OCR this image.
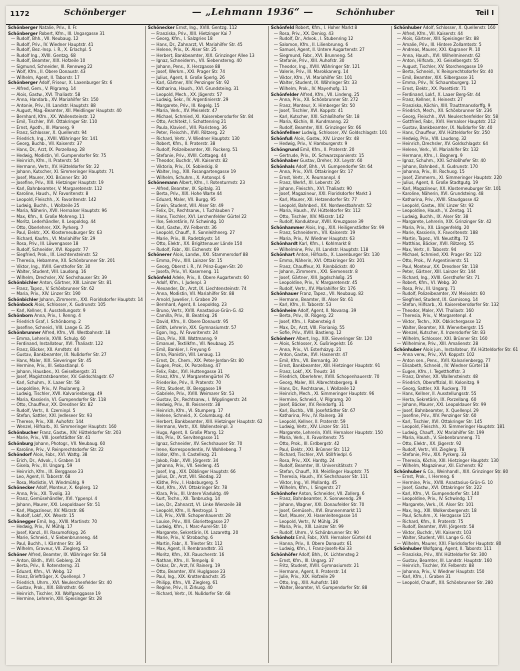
1172	Schönberger	— „Lehmann 1936“ —	Schönhuber	Teil I
Schönberger Natalie, Priv., II. Fr.
Schönberger Robert, Kfm., III. Ungargasse 31
— Rudolf, Bhh., VII. Neubaug. 12
— Rudolf, Priv., IV. Wiedner Hauptstr. 41
— Rudolf, Bez.-Insp. i. R., X. Erlachpl. 5
— Rudolf Ing., XVIII. Gentzg. 68
— Rudolf, Beamter, XIX. Hofzeile 10
— Sigmund, Schneider, III. Rennweg 22
— Wolf, Kfm., II. Obere Donaustr. 43
— Wilhelm, Agent, II. Taborstr. 17
Schönberger Adolf, Friseur, X. Laxenburger Str. 6
— Alfred, Gem., V. Pilgramg. 14
— Alois, Gastw., XVI. Thaliastr. 58
— Anna, Handarb., XV. Mariahilfer Str. 150
— Antonie, Priv., III. Landstr. Hauptstr. 88
— August, Mag.-Beamter, XII. Meidlinger Hauptstr. 40
— Bernhard, Kfm., XX. Wallensteinstr. 12
— Emil, Tischler, XVI. Ottakringer Str. 110
— Ernst, Apoth., III. Marxerg. 9
— Franz, Schlosser, X. Quellenstr. 94
— Friedrich, Ing., XVIII. Währinger Str. 141
— Georg, Buchb., VII. Kaiserstr. 37
— Hans, Dr., Arzt, IX. Porzellang. 28
— Hedwig, Modistin, VI. Gumpendorfer Str. 75
— Heinrich, Kfm., II. Praterstr. 54
— Hermann, Vertr., XV. Hütteldorfer Str. 22
— Johann, Kutscher, XI. Simmeringer Hauptstr. 71
— Josef, Maurer, XXI. Brünner Str. 30
— Josefine, Priv., XIII. Hietzinger Hauptstr. 19
— Karl, Bahnbeamter, V. Margaretenstr. 112
— Karoline, Haush., IV. Favoritenstr. 8
— Leopold, Fleischh., X. Favoritenstr. 142
— Ludwig, Buchh., I. Wollzeile 25
— Maria, Näherin, XVII. Hernalser Hauptstr. 96
— Max, Kfm., II. Große Mohreng. 11
— Moritz, Lederhändler, II. Leopoldsg. 44
— Otto, Oberlehrer, XIX. Pyrkerg. 7
— Paul, Elektr., XX. Klosterneuburger Str. 63
— Richard, Kaufm., VI. Mariahilfer Str. 29
— Rosa, Priv., III. Löwengasse 18
— Rudolf, Schneider, XVI. Koppstr. 77
— Siegfried, Prok., IX. Liechtensteinstr. 52
— Theresia, Hebamme, XII. Schönbrunner Str. 201
— Viktor, Ing., XVIII. Gersthofer Str. 30
— Walter, Student, VIII. Laudong. 16
— Wilhelm, Drechsler, XV. Sechshauser Str. 39
Schönbichler Anton, Gärtner, XIII. Lainzer Str. 81
— Franz, Tapez., V. Schönbrunner Str. 62
— Maria, Priv., XIV. Linzer Str. 190
Schönbichler Johann, Zimmerm., XXI. Floridsdorfer Hauptstr. 14
Schönbock Alois, Schlosser, X. Gudrunstr. 105
— Karl, Kellner, II. Ausstellungsstr. 9
Schönborn Anna, Priv., I. Renng. 4
— Friedrich Graf, I. Schönborng. 2
— Josefine, Schneid., VIII. Lange G. 35
Schönbrunner Alfred, Kfm., VII. Westbahnstr. 18
— Emma, Lehrerin, XVIII. Schulg. 60
— Ferdinand, Installateur, XVI. Thaliastr. 122
— Franz, Bäcker, XII. Arndtstr. 44
— Gustav, Bankbeamter, IX. Nußdorfer Str. 27
— Hans, Maler, XIX. Sieveringer Str. 45
— Hermine, Priv., III. Sebastianpl. 6
— Johann, Hausbes., XI. Geiselbergstr. 31
— Josef, Magistratsbeamter, XV. Goldschlagstr. 67
— Karl, Schuhm., X. Laaer Str. 58
— Leopoldine, Priv., IV. Paulanerg. 3
— Ludwig, Tischler, XVII. Kalvarienbergg. 49
— Maria, Kassierin, VI. Gumpendorfer Str. 118
— Otto, Chauffeur, XX. Dresdner Str. 82
— Rudolf, Vertr., II. Czerninpl. 5
— Stefan, Sattler, XXI. Jedleseer Str. 93
— Therese, Priv., XIII. Auhofstr. 144
— Wenzel, Hilfsarb., XI. Simmeringer Hauptstr. 160
Schönbucher Franz, Gastw., XIV. Hütteldorfer Str. 203
— Marie, Priv., VIII. Josefstädter Str. 41
Schönburg Johann, Photogr., VII. Neubaug. 60
— Karoline, Priv., V. Reinprechtsdorfer Str. 22
Schöndorf Alois, Fabr., XVI. Wattg. 38
— Erich, Dr., Advok., I. Graben 14
— Gisela, Priv., III. Ungarg. 59
— Heinrich, Kfm., IX. Berggasse 23
— Leo, Agent, II. Taborstr. 68
— Rosa, Modistin, VI. Windmühlg. 9
Schönecker Adolf, Monteur, X. Keplerg. 12
— Anna, Priv., XII. Tivolig. 33
— Franz, Gemüsehändler, XVI. Yppenpl. 4
— Johann, Maurer, XXI. Leopoldauer Str. 51
— Karl, Magazineur, XV. Märzstr. 86
— Rudolf, Lokf., XX. Wexstr. 15
Schönegger Emil, Ing., XVIII. Martinstr. 70
— Hedwig, Priv., IV. Mühlg. 17
— Josef, Kanzl., III. Rasumofskyg. 26
— Marie, Schneid., V. Siebenbrunneng. 44
— Paul, Buchh., I. Kärntner Str. 36
— Wilhelm, Graveur, VII. Zieglerg. 53
Schöner Alfred, Beamter, IX. Währinger Str. 58
— Anton, Bildh., XVII. Geblerg. 24
— Berta, Priv., II. Rotensterng. 31
— Eduard, Kfm., VI. Webg. 12
— Franz, Briefträger, X. Quellenpl. 7
— Friedrich, Uhrm., XVI. Neulerchenfelder Str. 40
— Gustav, Prok., XIX. Billrothstr. 66
— Heinrich, Tischler, XII. Wolfganggasse 19
— Hermine, Lehrerin, XIII. Speisinger Str. 28
Schönecker Ernst, Ing., XVIII. Gentzg. 112
— Franziska, Priv., XIII. Hietzinger Kai 7
— Georg, Kfm., I. Salzgries 18
— Hans, Dr., Zahnarzt, VI. Mariahilfer Str. 45
— Helene, Priv., IX. Alser Str. 25
— Herbert, Bankbeamter, XIX. Grinzinger Allee 13
— Ignaz, Schneiderm., VII. Siebensterng. 40
— Johann, Pens., X. Herzgasse 88
— Josef, Werkm., XXI. Prager Str. 74
— Julius, Agent, II. Große Sperlg. 26
— Karl, Gärtner, XIV. Penzinger Str. 92
— Katharina, Haush., XVI. Grundsteing. 31
— Leopold, Mech., XX. Jägerstr. 57
— Ludwig, Sekr., IV. Argentinierstr. 29
— Margarete, Priv., III. Kegelg. 15
— Maria, Verk., XV. Meiselstr. 47
— Michael, Schmied, XI. Kaiserebersdorfer Str. 84
— Otto, Architekt, I. Schottenring 21
— Paula, Klavierl., VIII. Piaristeng. 36
— Peter, Fleischh., XVII. Rötzerg. 22
— Richard, Vertr., V. Wiedner Hauptstr. 130
— Robert, Kfm., II. Praterstr. 38
— Rudolf, Polizeibeamter, XII. Ruckerg. 51
— Stefanie, Priv., XVIII. Cottageg. 44
— Theodor, Buchdr., VII. Kaiserstr. 82
— Viktoria, Priv., IX. Sobieskig. 8
— Walter, Ing., XIII. Fasangartengasse 19
— Wilhelm, Schuhm., X. Antonspl. 6
Schönemann Albert, Kfm., I. Rotenturmstr. 23
— Alfred, Beamter, IX. Spitalg. 31
— Berta, Priv., XIX. Hohe Warte 44
— Eduard, Maler, VII. Burgg. 95
— Erwin, Student, VIII. Alser Str. 49
— Felix, Dr., Rechtsanw., I. Tuchlauben 7
— Hans, Tischler, XVI. Lerchenfelder Gürtel 22
— Ilse, Sekretärin, IV. Schwindg. 10
— Karl, Gastw., XV. Felberstr. 36
— Leopold, Chauff., X. Sonnleithnerg. 27
— Marie, Priv., III. Radetzkystr. 14
— Otto, Elektr., XX. Brigittenauer Lände 150
— Rudolf, Fabr., XII. Eichenstr. 69
Schönerer Alois, Landw., XXI. Stammersdorf 88
— Emma, Priv., XIII. Lainzer Str. 15
— Georg, Oberst i. R., IV. Prinz-Eugen-Str. 20
— Josefa, Priv., VI. Kaserneng. 11
Schönfeld Adele, Priv., II. Obere Augartenstr. 60
— Adolf, Kfm., I. Judenpl. 3
— Alexander, Dr., Arzt, IX. Liechtensteinstr. 74
— Anna, Modistin, VII. Mariahilfer Str. 88
— Arnold, Juwelier, I. Graben 29
— Bernhard, Agent, II. Leopoldsg. 23
— Bruno, Vertr., XVIII. Anastasius-Grün-G. 42
— Camilla, Priv., III. Beatrixg. 26
— David, Kfm., II. Obere Donaustr. 95
— Edith, Lehrerin, XIX. Gymnasiumstr. 57
— Egon, Ing., IV. Favoritenstr. 24
— Elsa, Priv., XIII. Wattmanng. 9
— Emanuel, Textilkfm., VII. Neubaug. 25
— Emil, Bankier, I. Freyung 6
— Erna, Pianistin, VIII. Lenaug. 13
— Ernst, Dr., Chem., XIX. Peter-Jordan-Str. 80
— Eugen, Prok., IX. Porzellang. 47
— Felix, Fabr., XVI. Huttengasse 31
— Franz, Kfm., V. Margaretengürtel 76
— Friederike, Priv., II. Praterstr. 70
— Fritz, Student, IX. Berggasse 19
— Gabriele, Priv., XVIII. Weimarer Str. 53
— Gustav, Dr., Rechtsanw., I. Wipplingerstr. 24
— Hedwig, Priv., III. Reisnerstr. 38
— Heinrich, Kfm., VI. Stumperg. 17
— Helene, Schneid., X. Columbusg. 44
— Herbert, Bankbeamter, XIII. Hietzinger Hauptstr. 62
— Hermann, Vertr., XX. Wallensteinpl. 3
— Hugo, Agent, II. Große Pfarrg. 12
— Ida, Priv., IX. Servitengasse 11
— Ignaz, Schneider, XV. Sechshauser Str. 70
— Irene, Korrespondentin, IV. Wohllebeng. 7
— Isidor, Kfm., II. Castellezg. 21
— Jakob, Fabr., XVII. Jörgerstr. 34
— Johanna, Priv., VII. Seideng. 45
— Josef, Ing., XIX. Döblinger Hauptstr. 66
— Julius, Dr., Arzt, VIII. Skodag. 22
— Käthe, Priv., I. Habsburgerg. 5
— Karl, Kfm., XVI. Ottakringer Str. 78
— Klara, Priv., III. Untere Viaduktg. 49
— Kurt, Techn., XII. Tanbruckg. 14
— Leo, Dr., Zahnarzt, VI. Linke Wienzeile 38
— Leopold, Kfm., II. Nestroypl. 1
— Lili, Priv., XVIII. Schopenhauerstr. 28
— Louise, Priv., XIII. Gloriettegasse 27
— Ludwig, Kfm., I. Marc-Aurel-Str. 10
— Margarete, Sekretärin, IX. Lazarettg. 20
— Marie, Priv., V. Strobachg. 6
— Martin, Fabr., X. Triester Str. 112
— Max, Agent, II. Rembrandtstr. 31
— Moritz, Kfm., XX. Rauscherstr. 16
— Nathan, Kfm., II. Tempelg. 8
— Oskar, Dr., Arzt, IV. Rainerg. 19
— Otto, Beamter, XIV. Huglgasse 23
— Paul, Ing., XIX. Krottenbachstr. 35
— Philipp, Kfm., VII. Zieglerg. 61
— Regine, Priv., II. Zirkusg. 40
— Richard, Vertr., IX. Nußdorfer Str. 68
Schönfeld Robert, Kfm., I. Hoher Markt 8
— Rosa, Priv., XX. Denisg. 43
— Rudolf, Dr., Advok., I. Stubenring 12
— Salomon, Kfm., II. Lilienbrunng. 6
— Samuel, Agent, II. Untere Augartenstr. 27
— Siegmund, Fabr., XVI. Brunneng. 54
— Stefanie, Priv., XIII. Auhofstr. 30
— Theodor, Ing., XVIII. Währinger Str. 121
— Valerie, Priv., III. Marokkanerg. 14
— Viktor, Kfm., VI. Mariahilfer Str. 101
— Walter, Student, IX. Währinger Str. 33
— Wilhelm, Prok., IV. Mayerhofg. 11
Schönfelder Alfred, Kfm., VII. Lindeng. 25
— Anna, Priv., XII. Schönbrunner Str. 272
— Franz, Monteur, X. Himberger Str. 50
— Josef, Tischler, XVI. Koppstr. 41
— Karl, Kutscher, XXI. Schloßhofer Str. 18
— Maria, Köchin, III. Kundmanng. 22
— Rudolf, Beamter, XIX. Grinzinger Str. 66
Schönfellner Ludwig, Schlosser, XV. Goldschlagstr. 101
Schönfuß Alois, Gastw., XIV. Linzer Str. 48
— Hedwig, Priv., V. Hamburgerstr. 9
Schöngrund Emil, Kfm., II. Praterstr. 20
— Gertrude, Priv., IX. Schwarzspanierstr. 15
Schönhaber Gustav, Dreher, XX. Leystr. 60
Schönhals Adolf, Bhh., VI. Gumpendorfer Str. 64
— Anna, Priv., XVII. Ottakringer Str. 17
— Ernst, Vertr., X. Reumannpl. 4
— Franz, Werkf., XI. Leberstr. 26
— Johann, Fleischh., XVI. Thaliastr. 90
— Josef, Magazineur, XXI. Floridsdorfer Markt 3
— Karl, Maurer, XII. Hetzendorfer Str. 77
— Leopold, Bahnbed., XX. Nordwestbahnstr. 52
— Maria, Haush., XV. Hütteldorfer Str. 112
— Otto, Tischler, XIV. Märzstr. 142
— Rudolf, Kondukteur, XVIII. Kreuzgasse 39
Schönhammer Alois, Ing., XIX. Heiligenstädter Str. 99
— Franz, Schneiderm., VII. Kaiserstr. 19
— Maria, Priv., IV. Wiedner Hauptstr. 63
Schönhardt Karl, Kfm., I. Kohlmarkt 8
— Wilhelmine, Priv., III. Landstr. Hauptstr. 118
Schönhart Anton, Hilfsarb., X. Laxenburger Str. 130
— Emma, Näherin, XVI. Ottakringer Str. 201
— Franz, Chauffeur, XI. Rinnböckstr. 40
— Johann, Zimmerm., XXI. Siemensstr. 8
— Josef, Gärtner, XIII. Jagdschloßg. 25
— Leopoldine, Priv., V. Margaretenstr. 45
— Rudolf, Vertr., XV. Mariahilfer Str. 176
Schönhauer Franz, Tapez., VII. Neubaug. 82
— Hermann, Beamter, IX. Alser Str. 61
— Karl, Kfm., II. Taborstr. 53
Schönheim Adolf, Agent, II. Novarag. 39
— Berta, Priv., IX. Rögerg. 22
— Josef, Kfm., I. Rabensteig 4
— Max, Dr., Arzt, VIII. Florianig. 55
— Sofie, Priv., XVIII. Bastieng. 12
Schönherr Albert, Ing., XIX. Sieveringer Str. 120
— Alois, Schlosser, X. Gußriegelstr. 16
— Anna, Priv., VI. Esterházyg. 21
— Anton, Gastw., XVI. Hasnerstr. 47
— Emil, Kfm., VII. Bernardg. 30
— Ernst, Bankbeamter, XIII. Hietzinger Hauptstr. 91
— Franz, Lokf., XX. Treustr. 34
— Friedrich, Oberlehrer, XVIII. Schopenhauerstr. 70
— Georg, Maler, XII. Albrechtsbergerg. 8
— Hans, Dr., Rechtsanw., I. Wollzeile 12
— Heinrich, Mech., XI. Simmeringer Hauptstr. 96
— Hermine, Schneid., V. Pilgramg. 20
— Josef, Bäcker, XV. Reindorfg. 31
— Karl, Buchb., VIII. Josefstädter Str. 67
— Katharina, Priv., IV. Rainerg. 38
— Leopold, Kellner, II. Praterstr. 59
— Ludwig, Vertr., XIV. Linzer Str. 311
— Margarete, Lehrerin, XVII. Hernalser Hauptstr. 150
— Maria, Verk., X. Favoritenstr. 75
— Otto, Prok., III. Erdbergstr. 42
— Paul, Elektr., XXI. Brünner Str. 112
— Richard, Tischler, XVI. Stillfriedpl. 6
— Rosa, Priv., XIX. Hardtg. 24
— Rudolf, Beamter, IX. Universitätsstr. 7
— Stefan, Chauff., XII. Meidlinger Hauptstr. 75
— Theresia, Haush., XV. Sechshauser Str. 111
— Viktor, Ing., VI. Mollardg. 45
— Wilhelm, Kfm., I. Singerstr. 27
Schönhofer Anton, Schneider, VII. Zollerg. 6
— Franz, Bahnbeamter, X. Sonnwendg. 29
— Johann, Wagner, XXI. Donaufelder Str. 70
— Josef, Gemüseh., XVI. Brunnenmarkt 11
— Karl, Maurer, XI. Hasenleitengasse 14
— Leopold, Vertr., IV. Mühlg. 26
— Maria, Priv., XIII. Lainzer Str. 99
— Rudolf, Uhrm., V. Schönbrunner Str. 90
Schönholz Emil, Fabr., XVII. Hernalser Gürtel 44
— Hanna, Priv., II. Obere Donaustr. 61
— Ludwig, Kfm., I. Franz-Josefs-Kai 33
Schönhöfer Adolf, Bhh., IX. Lichtensteg 2
— Ernst, Kfm., III. Ungarg. 37
— Fritz, Student, XVIII. Gymnasiumstr. 21
— Hermann, Agent, II. Praterstr. 14
— Julie, Priv., XIX. Hofzeile 29
— Otto, Ing., XIII. Auhofstr. 180
— Walter, Beamter, VI. Gumpendorfer Str. 88
Schönhuber Adolf, Schlosser, X. Quellenstr. 160
— Alfred, Kfm., VII. Kaiserstr. 44
— Alois, Gärtner, XIII. Speisinger Str. 88
— Amalie, Priv., III. Hintere Zollamtsstr. 5
— Andreas, Maurer, XXI. Kagraner Pl. 10
— Anna, Haush., XVI. Wilhelminenstr. 62
— Anton, Hilfsarb., XI. Geiselbergstr. 55
— August, Tischler, XV. Storchengasse 19
— Berta, Schneid., V. Reinprechtsdorfer Str. 40
— Emil, Beamter, XIX. Silbergasse 31
— Emma, Priv., IV. Schaumburgerg. 12
— Ernst, Elektr., XX. Pasettistr. 71
— Ferdinand, Lokf., X. Laaer Berg-Str. 44
— Franz, Kellner, II. Heinestr. 27
— Franziska, Köchin, XIII. Trauttmansdorffg. 9
— Friedrich, Mech., XII. Schönbrunner Str. 236
— Georg, Fleischh., XVI. Neulerchenfelder Str. 58
— Gottfried, Fabr., XVII. Hernalser Hauptstr. 212
— Gustav, Bankbeamter, IX. Nußdorfer Str. 40
— Hans, Chauffeur, XIV. Hütteldorfer Str. 250
— Hedwig, Priv., VIII. Laudong. 32
— Heinrich, Drechsler, XV. Goldschlagstr. 64
— Helene, Verk., VI. Mariahilfer Str. 132
— Hermann, Kfm., I. Bognerg. 9
— Ignaz, Schuhm., XXI. Schloßhofer Str. 40
— Johann, Bahnbed., X. Gudrunstr. 170
— Johanna, Priv., III. Rochusg. 15
— Josef, Zimmerm., XI. Simmeringer Hauptstr. 220
— Julius, Agent, II. Große Stadtgutg. 19
— Karl, Magazineur, XX. Klosterneuburger Str. 101
— Karoline, Näherin, XVI. Grundsteing. 48
— Katharina, Priv., XVIII. Staudgasse 42
— Leopold, Gastw., XIV. Linzer Str. 92
— Leopoldine, Haush., V. Zentag. 11
— Ludwig, Buchh., IX. Alser Str. 38
— Margarete, Lehrerin, XIX. Grinzinger Str. 42
— Maria, Priv., XII. Längenfeldg. 20
— Marie, Kassierin, X. Favoritenstr. 188
— Martin, Tapez., VII. Neustiftg. 72
— Matthias, Bäcker, XVII. Rötzerg. 55
— Max, Vertr., II. Taborstr. 94
— Michael, Schmied, XXI. Prager Str. 122
— Otto, Prok., IV. Argentinierstr. 51
— Paul, Monteur, XX. Dresdner Str. 118
— Peter, Gärtner, XIII. Lainzer Str. 144
— Richard, Ing., XVIII. Gersthofer Str. 71
— Robert, Kfm., VI. Webg. 30
— Rosa, Priv., III. Ungarg. 71
— Rudolf, Polizeibeamter, XV. Meiselstr. 60
— Siegfried, Student, IX. Garnisong. 14
— Stefan, Hilfsarb., XI. Kaiserebersdorfer Str. 132
— Theodor, Maler, XVI. Thaliastr. 160
— Theresia, Priv., V. Margaretenpl. 4
— Viktor, Techn., XIX. Obkirchergasse 12
— Walter, Beamter, XII. Wienerbergstr. 15
— Wenzel, Kutscher, X. Inzersdorfer Str. 83
— Wilhelm, Schlosser, XXI. Brünner Str. 160
— Wilhelmine, Priv., XIII. Amalienstr. 28
Schönhuber Alois jun., Installateur, XV. Hütteldorfer Str. 61
— Anna verw., Priv., XVI. Koppstr. 102
— Anton sen., Pens., XVII. Kalvarienbergg. 77
— Elisabeth, Schneid., IV. Wiedner Gürtel 18
— Eugen, Kfm., I. Tegetthoffstr. 3
— Franz, Dreher, XX. Wallensteinstr. 48
— Friedrich, Oberoffizial, III. Kolonitzg. 9
— Georg, Sattler, XII. Ruckerg. 70
— Hans, Kellner, II. Ausstellungsstr. 55
— Herta, Sekretärin, IX. Porzellang. 60
— Johann, Maurer, XXI. Leopoldauer Str. 99
— Josef, Bahnbeamter, X. Quellenpl. 29
— Josefine, Priv., XIV. Penzinger Str. 60
— Karl, Tischler, XVI. Ottakringer Str. 145
— Leopold, Fleischh., XI. Simmeringer Hauptstr. 181
— Ludwig, Chauff., XV. Mariahilfer Str. 199
— Maria, Haush., V. Siebenbrunneng. 71
— Otto, Elektr., XX. Jägerstr. 92
— Rudolf, Vertr., VII. Zieglerg. 78
— Stefanie, Priv., XIX. Pyrkerg. 33
— Theresia, Köchin, XIII. Hietzinger Hauptstr. 130
— Wilhelm, Magazineur, XII. Eichenstr. 92
Schönhuber & Co., Weinhandl., XIX. Grinzinger Str. 80
— Ernst, Prok., I. Herreng. 6
— Hermine, Priv., XVIII. Anastasius-Grün-G. 10
— Josef, Gastw., XVI. Ottakringer Str. 222
— Karl, Kfm., VI. Gumpendorfer Str. 140
— Leopoldine, Priv., IV. Schwindg. 17
— Margarete, Verk., IX. Alser Str. 101
— Max, Ing., XIII. Wolkersbergenstr. 18
— Paul, Schuhm., X. Herzgasse 121
— Richard, Kfm., II. Praterstr. 75
— Rudolf, Beamter, XVII. Jörgerstr. 58
— Viktor, Buchdr., VII. Kaiserstr. 103
— Walter, Student, VIII. Lange G. 61
— Wilhelm, Maurer, XXI. Floridsdorfer Hauptstr. 80
Schönhuber Wolfgang, Agent, II. Taborstr. 111
— Franziska, Priv., XIV. Hütteldorfer Str. 300
— Gustav, Beamter, III. Landstr. Hauptstr. 160
— Heinrich, Tischler, XV. Felberstr. 88
— Johanna, Priv., V. Wiedner Hauptstr. 150
— Karl, Kfm., I. Graben 31
— Leopold, Chauff., XII. Schönbrunner Str. 280
